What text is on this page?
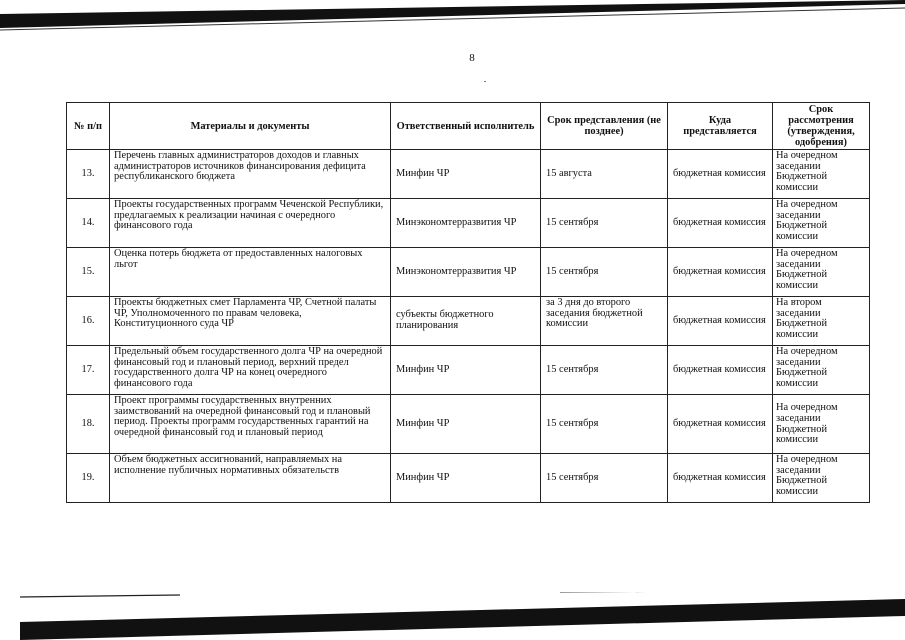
8
№ п/п	Материалы и документы	Ответственный исполнитель	Срок представления (не позднее)	Куда представляется	Срок рассмотрения (утверждения, одобрения)
13.	Перечень главных администраторов доходов и главных администраторов источников финансирования дефицита республиканского бюджета	Минфин ЧР	15 августа	бюджетная комиссия	На очередном заседании Бюджетной комиссии
14.	Проекты государственных программ Чеченской Республики, предлагаемых к реализации начиная с очередного финансового года	Минэкономтерразвития ЧР	15 сентября	бюджетная комиссия	На очередном заседании Бюджетной комиссии
15.	Оценка потерь бюджета от предоставленных налоговых льгот	Минэкономтерразвития ЧР	15 сентября	бюджетная комиссия	На очередном заседании Бюджетной комиссии
16.	Проекты бюджетных смет Парламента ЧР, Счетной палаты ЧР, Уполномоченного по правам человека, Конституционного суда ЧР	субъекты бюджетного планирования	за 3 дня до второго заседания бюджетной комиссии	бюджетная комиссия	На втором заседании Бюджетной комиссии
17.	Предельный объем государственного долга ЧР на очередной финансовый год и плановый период, верхний предел государственного долга ЧР на конец очередного финансового года	Минфин ЧР	15 сентября	бюджетная комиссия	На очередном заседании Бюджетной комиссии
18.	Проект программы государственных внутренних заимствований на очередной финансовый год и плановый период. Проекты программ государственных гарантий на очередной финансовый год и плановый период	Минфин ЧР	15 сентября	бюджетная комиссия	На очередном заседании Бюджетной комиссии
19.	Объем бюджетных ассигнований, направляемых на исполнение публичных нормативных обязательств	Минфин ЧР	15 сентября	бюджетная комиссия	На очередном заседании Бюджетной комиссии
